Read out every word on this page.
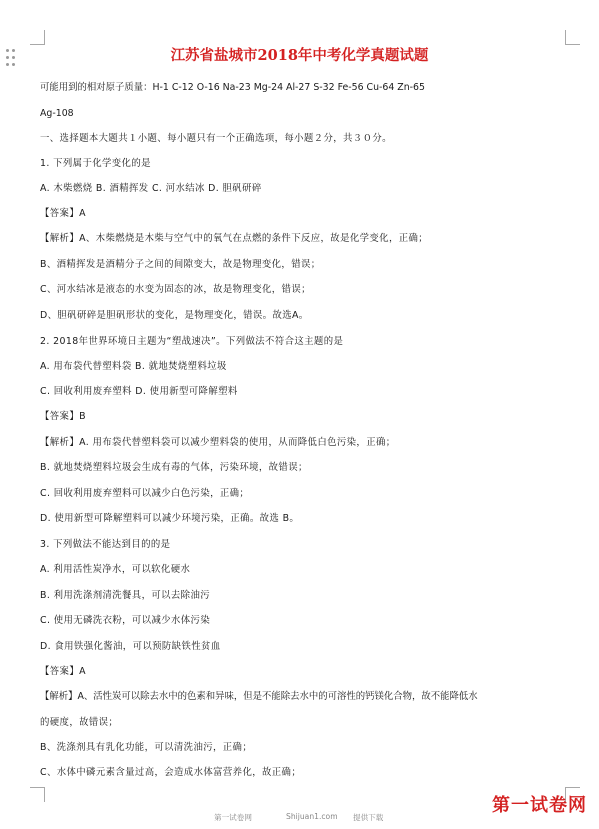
江苏省盐城市2018年中考化学真题试题
可能用到的相对原子质量：H-1 C-12 O-16 Na-23 Mg-24 Al-27 S-32 Fe-56 Cu-64 Zn-65
Ag-108
一、选择题本大题共１小题、每小题只有一个正确选项，每小题２分，共３０分。
1. 下列属于化学变化的是
A. 木柴燃烧 B. 酒精挥发 C. 河水结冰 D. 胆矾研碎
【答案】A
【解析】A、木柴燃烧是木柴与空气中的氧气在点燃的条件下反应，故是化学变化，正确；
B、酒精挥发是酒精分子之间的间隙变大，故是物理变化，错误；
C、河水结冰是液态的水变为固态的冰，故是物理变化，错误；
D、胆矾研碎是胆矾形状的变化，是物理变化，错误。故选A。
2. 2018年世界环境日主题为“塑战速决”。下列做法不符合这主题的是
A. 用布袋代替塑料袋 B. 就地焚烧塑料垃圾
C. 回收利用废弃塑料 D. 使用新型可降解塑料
【答案】B
【解析】A. 用布袋代替塑料袋可以减少塑料袋的使用，从而降低白色污染，正确；
B. 就地焚烧塑料垃圾会生成有毒的气体，污染环境，故错误；
C. 回收利用废弃塑料可以减少白色污染，正确；
D. 使用新型可降解塑料可以减少环境污染，正确。故选 B。
3. 下列做法不能达到目的的是
A. 利用活性炭净水，可以软化硬水
B. 利用洗涤剂清洗餐具，可以去除油污
C. 使用无磷洗衣粉，可以减少水体污染
D. 食用铁强化酱油，可以预防缺铁性贫血
【答案】A
【解析】A、活性炭可以除去水中的色素和异味，但是不能除去水中的可溶性的钙镁化合物，故不能降低水
的硬度，故错误；
B、洗涤剂具有乳化功能，可以清洗油污，正确；
C、水体中磷元素含量过高，会造成水体富营养化，故正确；
第一试卷网	Shijuan1.com 提供下载
第一试卷网
